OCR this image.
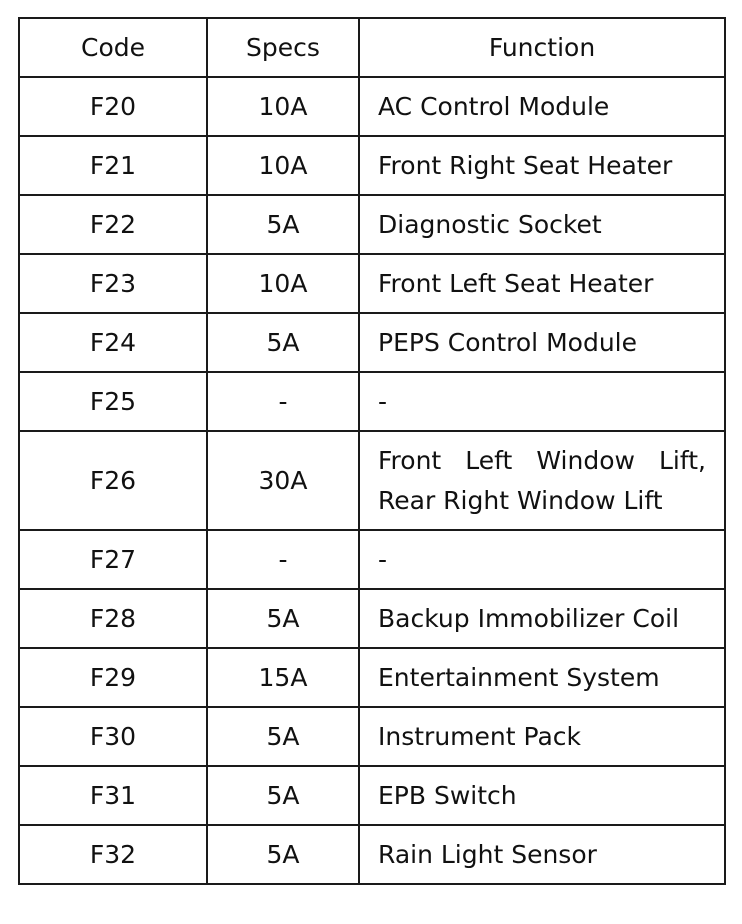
Code	Specs	Function
F20	10A	AC Control Module
F21	10A	Front Right Seat Heater
F22	5A	Diagnostic Socket
F23	10A	Front Left Seat Heater
F24	5A	PEPS Control Module
F25	-	-
F26	30A	Front Left Window Lift, Rear Right Window Lift
F27	-	-
F28	5A	Backup Immobilizer Coil
F29	15A	Entertainment System
F30	5A	Instrument Pack
F31	5A	EPB Switch
F32	5A	Rain Light Sensor
